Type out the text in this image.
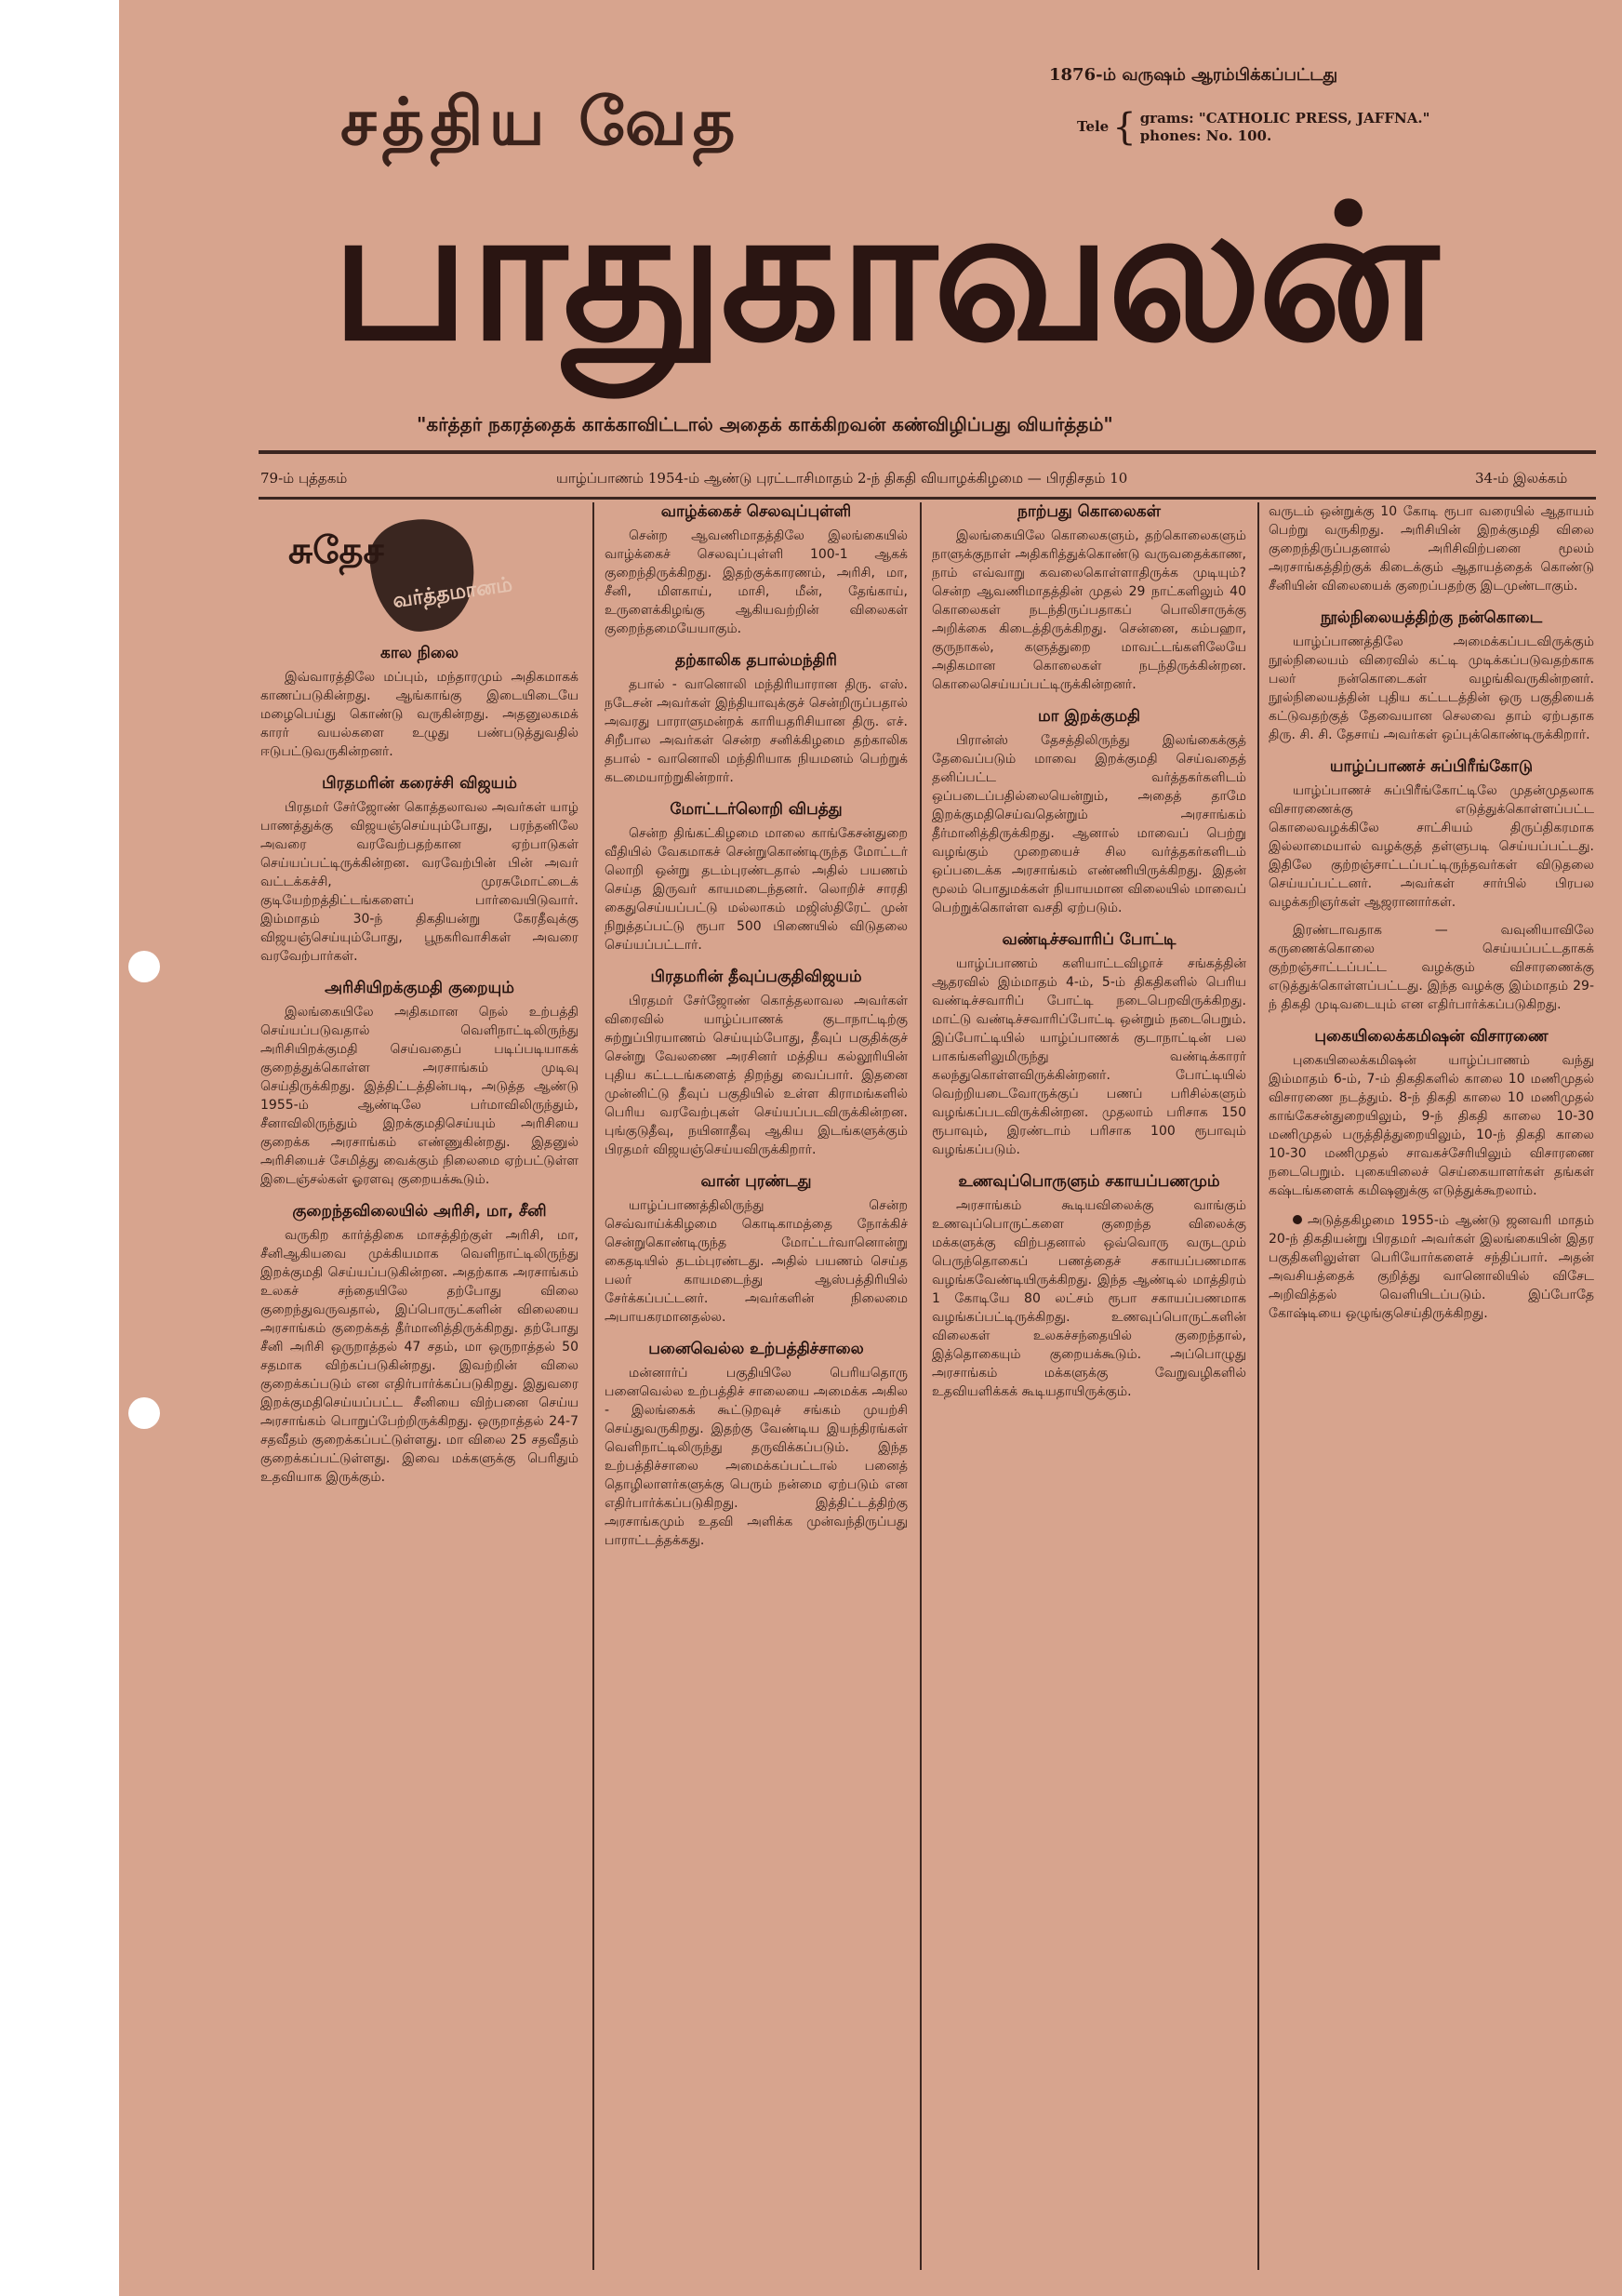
1876-ம் வருஷம் ஆரம்பிக்கப்பட்டது
Tele { grams: "CATHOLIC PRESS, JAFFNA."
phones: No. 100.
சத்திய வேத
பாதுகாவலன்
"கர்த்தர் நகரத்தைக் காக்காவிட்டால் அதைக் காக்கிறவன் கண்விழிப்பது வியர்த்தம்"
79-ம் புத்தகம்	யாழ்ப்பாணம் 1954-ம் ஆண்டு புரட்டாசிமாதம் 2-ந் திகதி வியாழக்கிழமை — பிரதிசதம் 10	34-ம் இலக்கம்
சுதேச
வர்த்தமானம்
கால நிலை

இவ்வாரத்திலே மப்பும், மந்தாரமும் அதிகமாகக் காணப்படுகின்றது. ஆங்காங்கு இடையிடையே மழைபெய்து கொண்டு வருகின்றது. அதனுலகமக் காரர் வயல்களை உழுது பண்படுத்துவதில் ஈடுபட்டுவருகின்றனர்.

பிரதமரின் கரைச்சி விஜயம்

பிரதமர் சேர்ஜோண் கொத்தலாவல அவர்கள் யாழ் பாணத்துக்கு விஜயஞ்செய்யும்போது, பரந்தனிலே அவரை வரவேற்பதற்கான ஏற்பாடுகள் செய்யப்பட்டிருக்கின்றன. வரவேற்பின் பின் அவர் வட்டக்கச்சி, முரசுமோட்டைக் குடியேற்றத்திட்டங்களைப் பார்வையிடுவார். இம்மாதம் 30-ந் திகதியன்று கேரதீவுக்கு விஜயஞ்செய்யும்போது, பூநகரிவாசிகள் அவரை வரவேற்பார்கள்.

அரிசியிறக்குமதி குறையும்

இலங்கையிலே அதிகமான நெல் உற்பத்தி செய்யப்படுவதால் வெளிநாட்டிலிருந்து அரிசியிறக்குமதி செய்வதைப் படிப்படியாகக் குறைத்துக்கொள்ள அரசாங்கம் முடிவு செய்திருக்கிறது. இத்திட்டத்தின்படி, அடுத்த ஆண்டு 1955-ம் ஆண்டிலே பர்மாவிலிருந்தும், சீனாவிலிருந்தும் இறக்குமதிசெய்யும் அரிசியை குறைக்க அரசாங்கம் எண்ணுகின்றது. இதனுல் அரிசியைச் சேமித்து வைக்கும் நிலைமை ஏற்பட்டுள்ள இடைஞ்சல்கள் ஓரளவு குறையக்கூடும்.

குறைந்தவிலையில் அரிசி, மா, சீனி

வருகிற கார்த்திகை மாசத்திற்குள் அரிசி, மா, சீனிஆகியவை முக்கியமாக வெளிநாட்டிலிருந்து இறக்குமதி செய்யப்படுகின்றன. அதற்காக அரசாங்கம் உலகச் சந்தையிலே தற்போது விலை குறைந்துவருவதால், இப்பொருட்களின் விலையை அரசாங்கம் குறைக்கத் தீர்மானித்திருக்கிறது. தற்போது சீனி அரிசி ஒருறாத்தல் 47 சதம், மா ஒருறாத்தல் 50 சதமாக விற்கப்படுகின்றது. இவற்றின் விலை குறைக்கப்படும் என எதிர்பார்க்கப்படுகிறது. இதுவரை இறக்குமதிசெய்யப்பட்ட சீனியை விற்பனை செய்ய அரசாங்கம் பொறுப்பேற்றிருக்கிறது. ஒருறாத்தல் 24-7 சதவீதம் குறைக்கப்பட்டுள்ளது. மா விலை 25 சதவீதம் குறைக்கப்பட்டுள்ளது. இவை மக்களுக்கு பெரிதும் உதவியாக இருக்கும்.

வாழ்க்கைச் செலவுப்புள்ளி

சென்ற ஆவணிமாதத்திலே இலங்கையில் வாழ்க்கைச் செலவுப்புள்ளி 100-1 ஆகக் குறைந்திருக்கிறது. இதற்குக்காரணம், அரிசி, மா, சீனி, மிளகாய், மாசி, மீன், தேங்காய், உருளைக்கிழங்கு ஆகியவற்றின் விலைகள் குறைந்தமையேயாகும்.

தற்காலிக தபால்மந்திரி

தபால் - வானொலி மந்திரியாரான திரு. எஸ். நடேசன் அவர்கள் இந்தியாவுக்குச் சென்றிருப்பதால் அவரது பாராளுமன்றக் காரியதரிசியான திரு. எச். சிறீபால அவர்கள் சென்ற சனிக்கிழமை தற்காலிக தபால் - வானொலி மந்திரியாக நியமனம் பெற்றுக் கடமையாற்றுகின்றார்.

மோட்டர்லொறி விபத்து

சென்ற திங்கட்கிழமை மாலை காங்கேசன்துறை வீதியில் வேகமாகச் சென்றுகொண்டிருந்த மோட்டர் லொறி ஒன்று தடம்புரண்டதால் அதில் பயணம் செய்த இருவர் காயமடைந்தனர். லொறிச் சாரதி கைதுசெய்யப்பட்டு மல்லாகம் மஜிஸ்திரேட் முன் நிறுத்தப்பட்டு ரூபா 500 பிணையில் விடுதலை செய்யப்பட்டார்.

பிரதமரின் தீவுப்பகுதிவிஜயம்

பிரதமர் சேர்ஜோண் கொத்தலாவல அவர்கள் விரைவில் யாழ்ப்பாணக் குடாநாட்டிற்கு சுற்றுப்பிரயாணம் செய்யும்போது, தீவுப் பகுதிக்குச் சென்று வேலணை அரசினர் மத்திய கல்லூரியின் புதிய கட்டடங்களைத் திறந்து வைப்பார். இதனை முன்னிட்டு தீவுப் பகுதியில் உள்ள கிராமங்களில் பெரிய வரவேற்புகள் செய்யப்படவிருக்கின்றன. புங்குடுதீவு, நயினாதீவு ஆகிய இடங்களுக்கும் பிரதமர் விஜயஞ்செய்யவிருக்கிறார்.

வான் புரண்டது

யாழ்ப்பாணத்திலிருந்து சென்ற செவ்வாய்க்கிழமை கொடிகாமத்தை நோக்கிச் சென்றுகொண்டிருந்த மோட்டர்வானொன்று கைதடியில் தடம்புரண்டது. அதில் பயணம் செய்த பலர் காயமடைந்து ஆஸ்பத்திரியில் சேர்க்கப்பட்டனர். அவர்களின் நிலைமை அபாயகரமானதல்ல.

பனைவெல்ல உற்பத்திச்சாலை

மன்னார்ப் பகுதியிலே பெரியதொரு பனைவெல்ல உற்பத்திச் சாலையை அமைக்க அகில - இலங்கைக் கூட்டுறவுச் சங்கம் முயற்சி செய்துவருகிறது. இதற்கு வேண்டிய இயந்திரங்கள் வெளிநாட்டிலிருந்து தருவிக்கப்படும். இந்த உற்பத்திச்சாலை அமைக்கப்பட்டால் பனைத் தொழிலாளர்களுக்கு பெரும் நன்மை ஏற்படும் என எதிர்பார்க்கப்படுகிறது. இத்திட்டத்திற்கு அரசாங்கமும் உதவி அளிக்க முன்வந்திருப்பது பாராட்டத்தக்கது.

நாற்பது கொலைகள்

இலங்கையிலே கொலைகளும், தற்கொலைகளும் நாளுக்குநாள் அதிகரித்துக்கொண்டு வருவதைக்காண, நாம் எவ்வாறு கவலைகொள்ளாதிருக்க முடியும்? சென்ற ஆவணிமாதத்தின் முதல் 29 நாட்களிலும் 40 கொலைகள் நடந்திருப்பதாகப் பொலிசாருக்கு அறிக்கை கிடைத்திருக்கிறது. சென்னை, கம்பஹா, குருநாகல், களுத்துறை மாவட்டங்களிலேயே அதிகமான கொலைகள் நடந்திருக்கின்றன. கொலைசெய்யப்பட்டிருக்கின்றனர்.

மா இறக்குமதி

பிரான்ஸ் தேசத்திலிருந்து இலங்கைக்குத் தேவைப்படும் மாவை இறக்குமதி செய்வதைத் தனிப்பட்ட வர்த்தகர்களிடம் ஒப்படைப்பதில்லையென்றும், அதைத் தாமே இறக்குமதிசெய்வதென்றும் அரசாங்கம் தீர்மானித்திருக்கிறது. ஆனால் மாவைப் பெற்று வழங்கும் முறையைச் சில வர்த்தகர்களிடம் ஒப்படைக்க அரசாங்கம் எண்ணியிருக்கிறது. இதன் மூலம் பொதுமக்கள் நியாயமான விலையில் மாவைப் பெற்றுக்கொள்ள வசதி ஏற்படும்.

வண்டிச்சவாரிப் போட்டி

யாழ்ப்பாணம் களியாட்டவிழாச் சங்கத்தின் ஆதரவில் இம்மாதம் 4-ம், 5-ம் திகதிகளில் பெரிய வண்டிச்சவாரிப் போட்டி நடைபெறவிருக்கிறது. மாட்டு வண்டிச்சவாரிப்போட்டி ஒன்றும் நடைபெறும். இப்போட்டியில் யாழ்ப்பாணக் குடாநாட்டின் பல பாகங்களிலுமிருந்து வண்டிக்காரர் கலந்துகொள்ளவிருக்கின்றனர். போட்டியில் வெற்றியடைவோருக்குப் பணப் பரிசில்களும் வழங்கப்படவிருக்கின்றன. முதலாம் பரிசாக 150 ரூபாவும், இரண்டாம் பரிசாக 100 ரூபாவும் வழங்கப்படும்.

உணவுப்பொருளும் சகாயப்பணமும்

அரசாங்கம் கூடியவிலைக்கு வாங்கும் உணவுப்பொருட்களை குறைந்த விலைக்கு மக்களுக்கு விற்பதனால் ஒவ்வொரு வருடமும் பெருந்தொகைப் பணத்தைச் சகாயப்பணமாக வழங்கவேண்டியிருக்கிறது. இந்த ஆண்டில் மாத்திரம் 1 கோடியே 80 லட்சம் ரூபா சகாயப்பணமாக வழங்கப்பட்டிருக்கிறது. உணவுப்பொருட்களின் விலைகள் உலகச்சந்தையில் குறைந்தால், இத்தொகையும் குறையக்கூடும். அப்பொழுது அரசாங்கம் மக்களுக்கு வேறுவழிகளில் உதவியளிக்கக் கூடியதாயிருக்கும்.

வருடம் ஒன்றுக்கு 10 கோடி ரூபா வரையில் ஆதாயம் பெற்று வருகிறது. அரிசியின் இறக்குமதி விலை குறைந்திருப்பதனால் அரிசிவிற்பனை மூலம் அரசாங்கத்திற்குக் கிடைக்கும் ஆதாயத்தைக் கொண்டு சீனியின் விலையைக் குறைப்பதற்கு இடமுண்டாகும்.

நூல்நிலையத்திற்கு நன்கொடை

யாழ்ப்பாணத்திலே அமைக்கப்படவிருக்கும் நூல்நிலையம் விரைவில் கட்டி முடிக்கப்படுவதற்காக பலர் நன்கொடைகள் வழங்கிவருகின்றனர். நூல்நிலையத்தின் புதிய கட்டடத்தின் ஒரு பகுதியைக் கட்டுவதற்குத் தேவையான செலவை தாம் ஏற்பதாக திரு. சி. சி. தேசாய் அவர்கள் ஒப்புக்கொண்டிருக்கிறார்.

யாழ்ப்பாணச் சுப்பிரீங்கோடு

யாழ்ப்பாணச் சுப்பிரீங்கோட்டிலே முதன்முதலாக விசாரணைக்கு எடுத்துக்கொள்ளப்பட்ட கொலைவழக்கிலே சாட்சியம் திருப்திகரமாக இல்லாமையால் வழக்குத் தள்ளுபடி செய்யப்பட்டது. இதிலே குற்றஞ்சாட்டப்பட்டிருந்தவர்கள் விடுதலை செய்யப்பட்டனர். அவர்கள் சார்பில் பிரபல வழக்கறிஞர்கள் ஆஜரானார்கள்.

இரண்டாவதாக — வவுனியாவிலே கருணைக்கொலை செய்யப்பட்டதாகக் குற்றஞ்சாட்டப்பட்ட வழக்கும் விசாரணைக்கு எடுத்துக்கொள்ளப்பட்டது. இந்த வழக்கு இம்மாதம் 29-ந் திகதி முடிவடையும் என எதிர்பார்க்கப்படுகிறது.

புகையிலைக்கமிஷன் விசாரணை

புகையிலைக்கமிஷன் யாழ்ப்பாணம் வந்து இம்மாதம் 6-ம், 7-ம் திகதிகளில் காலை 10 மணிமுதல் விசாரணை நடத்தும். 8-ந் திகதி காலை 10 மணிமுதல் காங்கேசன்துறையிலும், 9-ந் திகதி காலை 10-30 மணிமுதல் பருத்தித்துறையிலும், 10-ந் திகதி காலை 10-30 மணிமுதல் சாவகச்சேரியிலும் விசாரணை நடைபெறும். புகையிலைச் செய்கையாளர்கள் தங்கள் கஷ்டங்களைக் கமிஷனுக்கு எடுத்துக்கூறலாம்.

அடுத்தகிழமை 1955-ம் ஆண்டு ஜனவரி மாதம் 20-ந் திகதியன்று பிரதமர் அவர்கள் இலங்கையின் இதர பகுதிகளிலுள்ள பெரியோர்களைச் சந்திப்பார். அதன் அவசியத்தைக் குறித்து வானொலியில் விசேட அறிவித்தல் வெளியிடப்படும். இப்போதே கோஷ்டியை ஒழுங்குசெய்திருக்கிறது.
